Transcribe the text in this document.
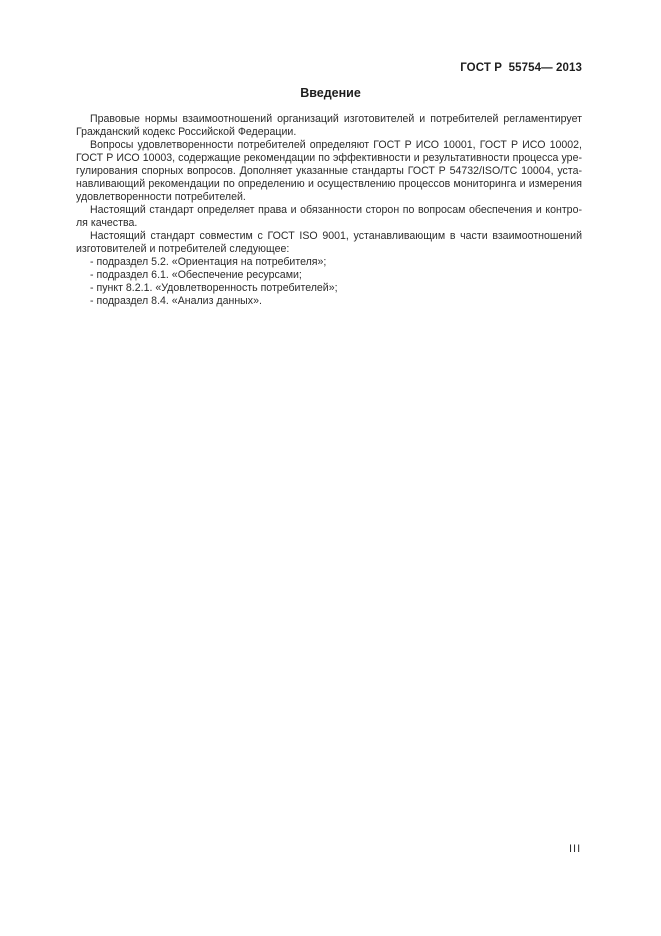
ГОСТ Р  55754— 2013
Введение
Правовые нормы взаимоотношений организаций изготовителей и потребителей регламентирует
Гражданский кодекс Российской Федерации.
Вопросы удовлетворенности потребителей определяют ГОСТ Р ИСО 10001, ГОСТ Р ИСО 10002,
ГОСТ Р ИСО 10003, содержащие рекомендации по эффективности и результативности процесса уре-
гулирования спорных вопросов. Дополняет указанные стандарты ГОСТ Р 54732/ISO/TC 10004, уста-
навливающий рекомендации по определению и осуществлению процессов мониторинга и измерения
удовлетворенности потребителей.
Настоящий стандарт определяет права и обязанности сторон по вопросам обеспечения и контро-
ля качества.
Настоящий стандарт совместим с ГОСТ ISO 9001, устанавливающим в части взаимоотношений
изготовителей и потребителей следующее:
- подраздел 5.2. «Ориентация на потребителя»;
- подраздел 6.1. «Обеспечение ресурсами;
- пункт 8.2.1. «Удовлетворенность потребителей»;
- подраздел 8.4. «Анализ данных».
III
